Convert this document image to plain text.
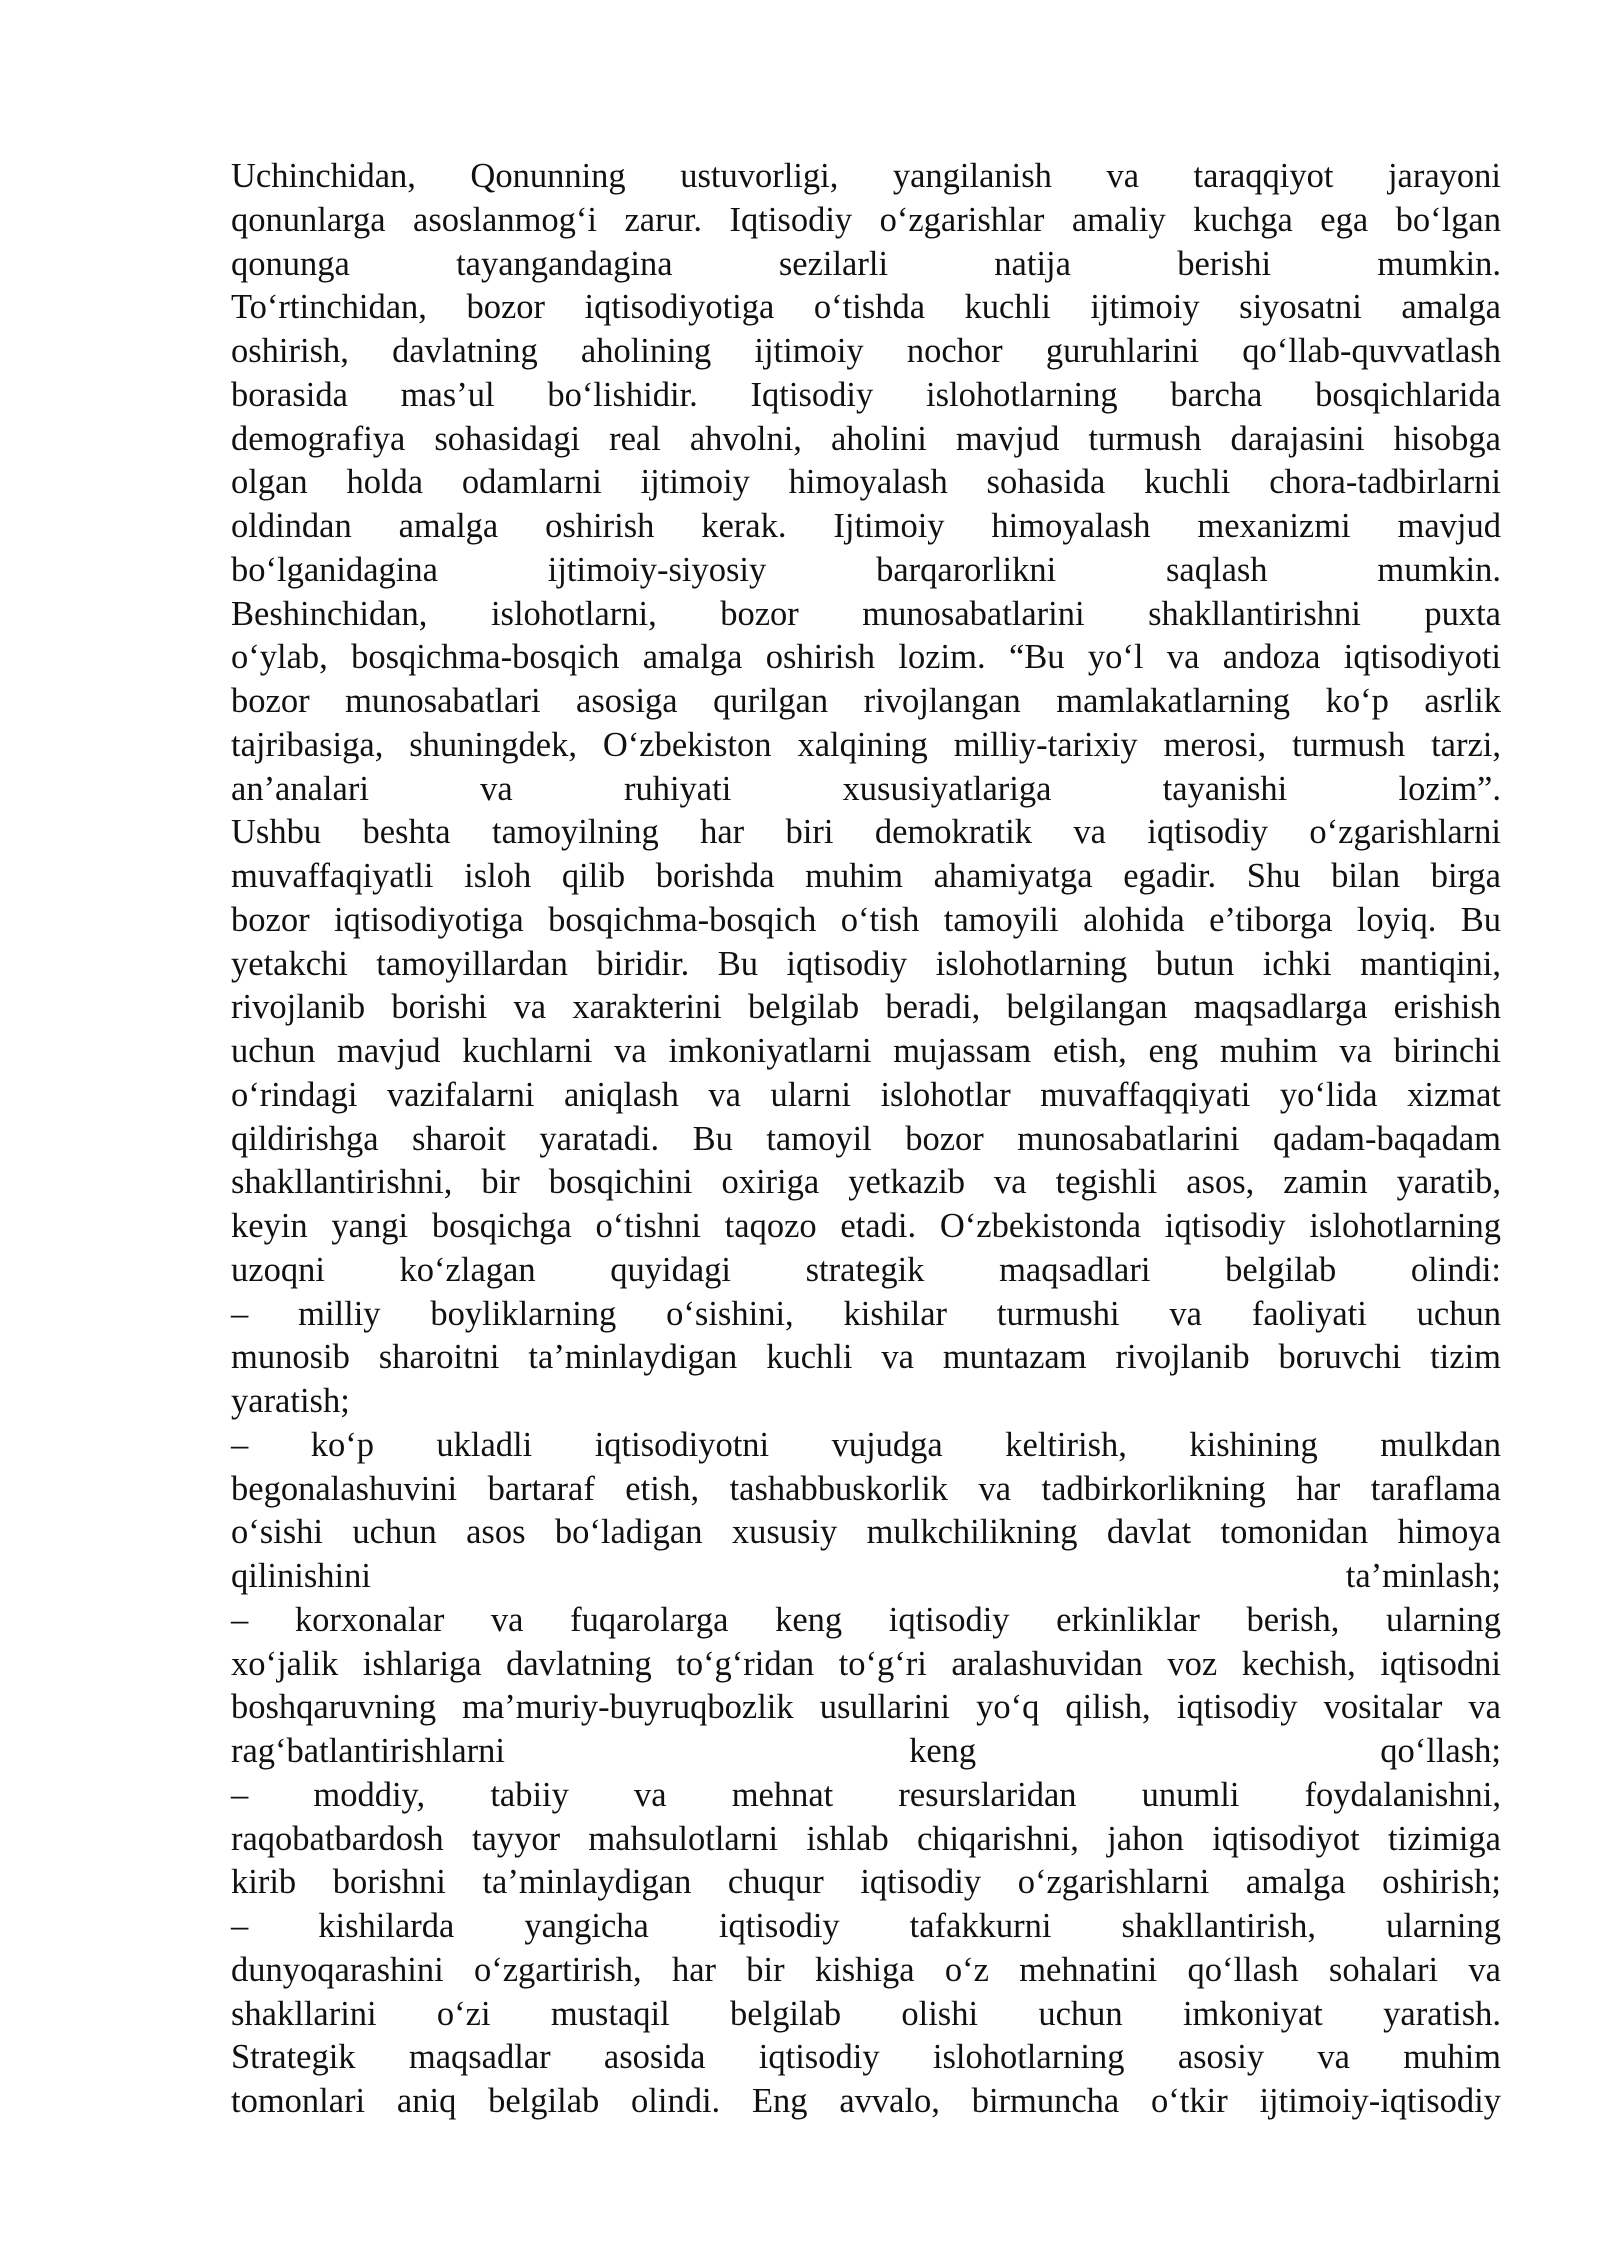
Uchinchidan, Qonunning ustuvorligi, yangilanish va taraqqiyot jarayoni
qonunlarga asoslanmog‘i zarur. Iqtisodiy o‘zgarishlar amaliy kuchga ega bo‘lgan
qonunga tayangandagina sezilarli natija berishi mumkin.
To‘rtinchidan, bozor iqtisodiyotiga o‘tishda kuchli ijtimoiy siyosatni amalga
oshirish, davlatning aholining ijtimoiy nochor guruhlarini qo‘llab-quvvatlash
borasida mas’ul bo‘lishidir. Iqtisodiy islohotlarning barcha bosqichlarida
demografiya sohasidagi real ahvolni, aholini mavjud turmush darajasini hisobga
olgan holda odamlarni ijtimoiy himoyalash sohasida kuchli chora-tadbirlarni
oldindan amalga oshirish kerak. Ijtimoiy himoyalash mexanizmi mavjud
bo‘lganidagina ijtimoiy-siyosiy barqarorlikni saqlash mumkin.
Beshinchidan, islohotlarni, bozor munosabatlarini shakllantirishni puxta
o‘ylab, bosqichma-bosqich amalga oshirish lozim. “Bu yo‘l va andoza iqtisodiyoti
bozor munosabatlari asosiga qurilgan rivojlangan mamlakatlarning ko‘p asrlik
tajribasiga, shuningdek, O‘zbekiston xalqining milliy-tarixiy merosi, turmush tarzi,
an’analari va ruhiyati xususiyatlariga tayanishi lozim”.
Ushbu beshta tamoyilning har biri demokratik va iqtisodiy o‘zgarishlarni
muvaffaqiyatli isloh qilib borishda muhim ahamiyatga egadir. Shu bilan birga
bozor iqtisodiyotiga bosqichma-bosqich o‘tish tamoyili alohida e’tiborga loyiq. Bu
yetakchi tamoyillardan biridir. Bu iqtisodiy islohotlarning butun ichki mantiqini,
rivojlanib borishi va xarakterini belgilab beradi, belgilangan maqsadlarga erishish
uchun mavjud kuchlarni va imkoniyatlarni mujassam etish, eng muhim va birinchi
o‘rindagi vazifalarni aniqlash va ularni islohotlar muvaffaqqiyati yo‘lida xizmat
qildirishga sharoit yaratadi. Bu tamoyil bozor munosabatlarini qadam-baqadam
shakllantirishni, bir bosqichini oxiriga yetkazib va tegishli asos, zamin yaratib,
keyin yangi bosqichga o‘tishni taqozo etadi. O‘zbekistonda iqtisodiy islohotlarning
uzoqni ko‘zlagan quyidagi strategik maqsadlari belgilab olindi:
– milliy boyliklarning o‘sishini, kishilar turmushi va faoliyati uchun
munosib sharoitni ta’minlaydigan kuchli va muntazam rivojlanib boruvchi tizim
yaratish;
– ko‘p ukladli iqtisodiyotni vujudga keltirish, kishining mulkdan
begonalashuvini bartaraf etish, tashabbuskorlik va tadbirkorlikning har taraflama
o‘sishi uchun asos bo‘ladigan xususiy mulkchilikning davlat tomonidan himoya
qilinishini ta’minlash;
– korxonalar va fuqarolarga keng iqtisodiy erkinliklar berish, ularning
xo‘jalik ishlariga davlatning to‘g‘ridan to‘g‘ri aralashuvidan voz kechish, iqtisodni
boshqaruvning ma’muriy-buyruqbozlik usullarini yo‘q qilish, iqtisodiy vositalar va
rag‘batlantirishlarni keng qo‘llash;
– moddiy, tabiiy va mehnat resurslaridan unumli foydalanishni,
raqobatbardosh tayyor mahsulotlarni ishlab chiqarishni, jahon iqtisodiyot tizimiga
kirib borishni ta’minlaydigan chuqur iqtisodiy o‘zgarishlarni amalga oshirish;
– kishilarda yangicha iqtisodiy tafakkurni shakllantirish, ularning
dunyoqarashini o‘zgartirish, har bir kishiga o‘z mehnatini qo‘llash sohalari va
shakllarini o‘zi mustaqil belgilab olishi uchun imkoniyat yaratish.
Strategik maqsadlar asosida iqtisodiy islohotlarning asosiy va muhim
tomonlari aniq belgilab olindi. Eng avvalo, birmuncha o‘tkir ijtimoiy-iqtisodiy
